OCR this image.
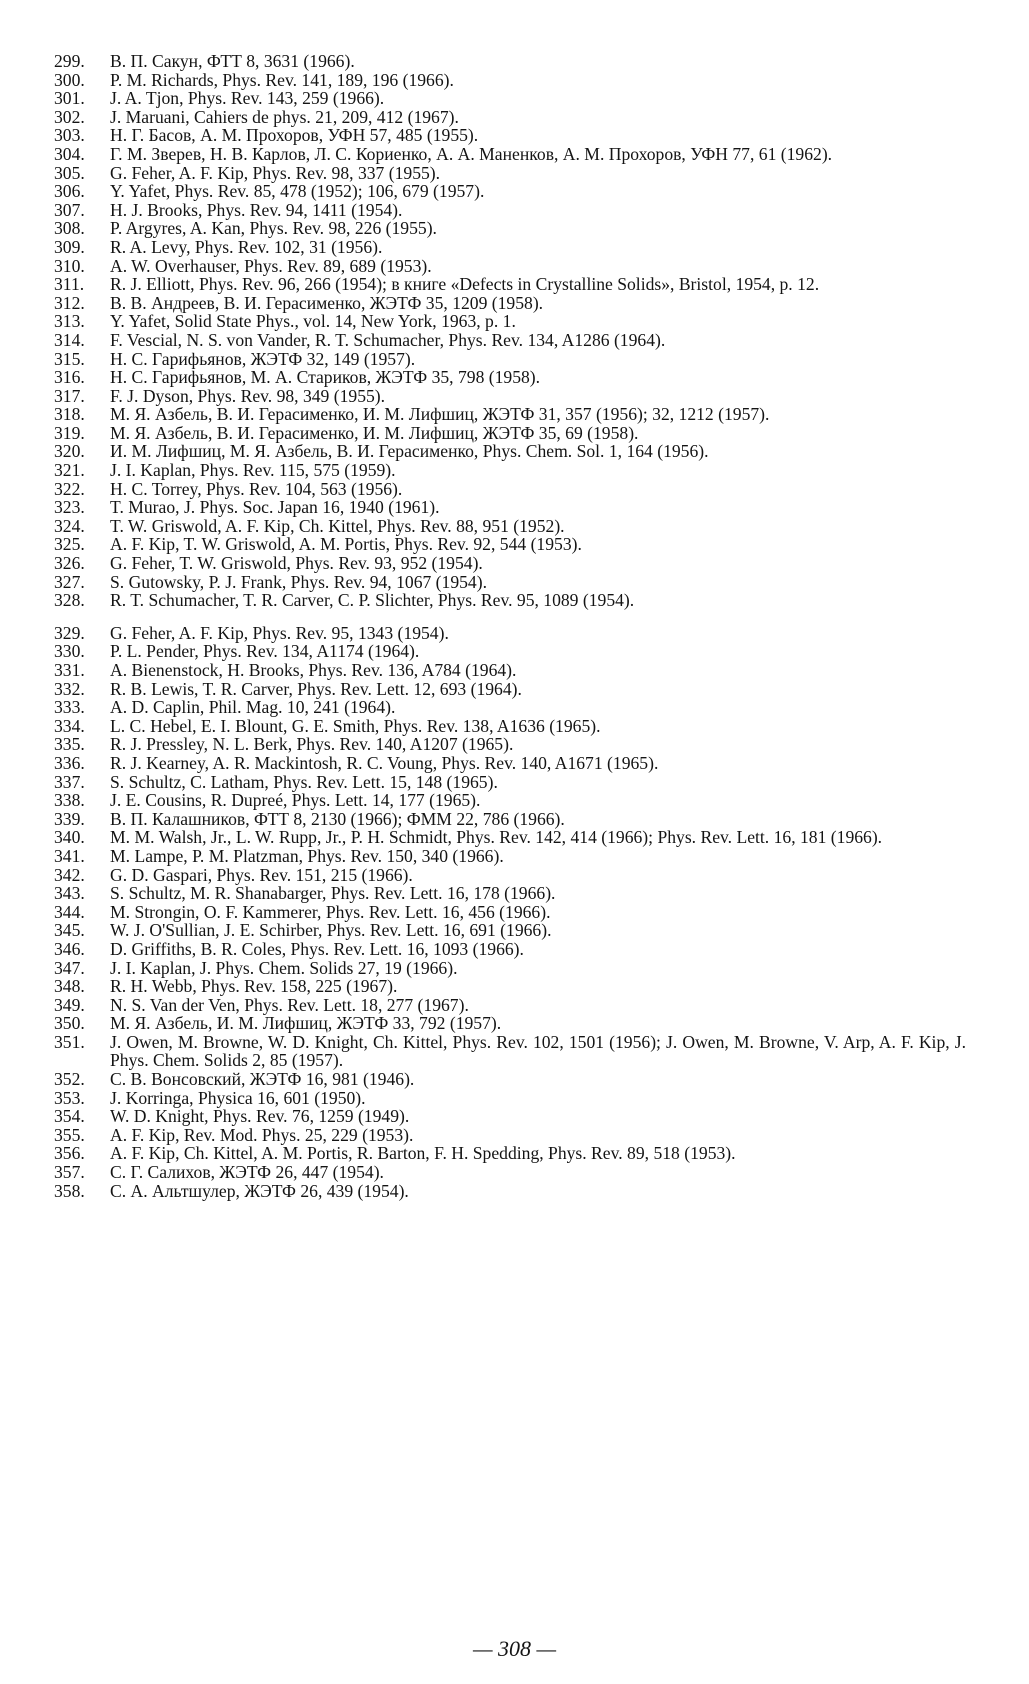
299.	В. П. Сакун, ФТТ 8, 3631 (1966).
300.	P. M. Richards, Phys. Rev. 141, 189, 196 (1966).
301.	J. A. Tjon, Phys. Rev. 143, 259 (1966).
302.	J. Maruani, Cahiers de phys. 21, 209, 412 (1967).
303.	Н. Г. Басов, А. М. Прохоров, УФН 57, 485 (1955).
304.	Г. М. Зверев, Н. В. Карлов, Л. С. Кориенко, А. А. Маненков, А. М. Прохоров, УФН 77, 61 (1962).
305.	G. Feher, A. F. Kip, Phys. Rev. 98, 337 (1955).
306.	Y. Yafet, Phys. Rev. 85, 478 (1952); 106, 679 (1957).
307.	H. J. Brooks, Phys. Rev. 94, 1411 (1954).
308.	P. Argyres, A. Kan, Phys. Rev. 98, 226 (1955).
309.	R. A. Levy, Phys. Rev. 102, 31 (1956).
310.	A. W. Overhauser, Phys. Rev. 89, 689 (1953).
311.	R. J. Elliott, Phys. Rev. 96, 266 (1954); в книге «Defects in Crystalline Solids», Bristol, 1954, p. 12.
312.	В. В. Андреев, В. И. Герасименко, ЖЭТФ 35, 1209 (1958).
313.	Y. Yafet, Solid State Phys., vol. 14, New York, 1963, p. 1.
314.	F. Vescial, N. S. von Vander, R. T. Schumacher, Phys. Rev. 134, A1286 (1964).
315.	Н. С. Гарифьянов, ЖЭТФ 32, 149 (1957).
316.	Н. С. Гарифьянов, М. А. Стариков, ЖЭТФ 35, 798 (1958).
317.	F. J. Dyson, Phys. Rev. 98, 349 (1955).
318.	М. Я. Азбель, В. И. Герасименко, И. М. Лифшиц, ЖЭТФ 31, 357 (1956); 32, 1212 (1957).
319.	М. Я. Азбель, В. И. Герасименко, И. М. Лифшиц, ЖЭТФ 35, 69 (1958).
320.	И. М. Лифшиц, М. Я. Азбель, В. И. Герасименко, Phys. Chem. Sol. 1, 164 (1956).
321.	J. I. Kaplan, Phys. Rev. 115, 575 (1959).
322.	H. C. Torrey, Phys. Rev. 104, 563 (1956).
323.	T. Murao, J. Phys. Soc. Japan 16, 1940 (1961).
324.	T. W. Griswold, A. F. Kip, Ch. Kittel, Phys. Rev. 88, 951 (1952).
325.	A. F. Kip, T. W. Griswold, A. M. Portis, Phys. Rev. 92, 544 (1953).
326.	G. Feher, T. W. Griswold, Phys. Rev. 93, 952 (1954).
327.	S. Gutowsky, P. J. Frank, Phys. Rev. 94, 1067 (1954).
328.	R. T. Schumacher, T. R. Carver, C. P. Slichter, Phys. Rev. 95, 1089 (1954).
329.	G. Feher, A. F. Kip, Phys. Rev. 95, 1343 (1954).
330.	P. L. Pender, Phys. Rev. 134, A1174 (1964).
331.	A. Bienenstock, H. Brooks, Phys. Rev. 136, A784 (1964).
332.	R. B. Lewis, T. R. Carver, Phys. Rev. Lett. 12, 693 (1964).
333.	A. D. Caplin, Phil. Mag. 10, 241 (1964).
334.	L. C. Hebel, E. I. Blount, G. E. Smith, Phys. Rev. 138, A1636 (1965).
335.	R. J. Pressley, N. L. Berk, Phys. Rev. 140, A1207 (1965).
336.	R. J. Kearney, A. R. Mackintosh, R. C. Voung, Phys. Rev. 140, A1671 (1965).
337.	S. Schultz, C. Latham, Phys. Rev. Lett. 15, 148 (1965).
338.	J. E. Cousins, R. Dupreé, Phys. Lett. 14, 177 (1965).
339.	В. П. Калашников, ФТТ 8, 2130 (1966); ФММ 22, 786 (1966).
340.	M. M. Walsh, Jr., L. W. Rupp, Jr., P. H. Schmidt, Phys. Rev. 142, 414 (1966); Phys. Rev. Lett. 16, 181 (1966).
341.	M. Lampe, P. M. Platzman, Phys. Rev. 150, 340 (1966).
342.	G. D. Gaspari, Phys. Rev. 151, 215 (1966).
343.	S. Schultz, M. R. Shanabarger, Phys. Rev. Lett. 16, 178 (1966).
344.	M. Strongin, O. F. Kammerer, Phys. Rev. Lett. 16, 456 (1966).
345.	W. J. O'Sullian, J. E. Schirber, Phys. Rev. Lett. 16, 691 (1966).
346.	D. Griffiths, B. R. Coles, Phys. Rev. Lett. 16, 1093 (1966).
347.	J. I. Kaplan, J. Phys. Chem. Solids 27, 19 (1966).
348.	R. H. Webb, Phys. Rev. 158, 225 (1967).
349.	N. S. Van der Ven, Phys. Rev. Lett. 18, 277 (1967).
350.	М. Я. Азбель, И. М. Лифшиц, ЖЭТФ 33, 792 (1957).
351.	J. Owen, M. Browne, W. D. Knight, Ch. Kittel, Phys. Rev. 102, 1501 (1956); J. Owen, M. Browne, V. Arp, A. F. Kip, J. Phys. Chem. Solids 2, 85 (1957).
352.	С. В. Вонсовский, ЖЭТФ 16, 981 (1946).
353.	J. Korringa, Physica 16, 601 (1950).
354.	W. D. Knight, Phys. Rev. 76, 1259 (1949).
355.	A. F. Kip, Rev. Mod. Phys. 25, 229 (1953).
356.	A. F. Kip, Ch. Kittel, A. M. Portis, R. Barton, F. H. Spedding, Phys. Rev. 89, 518 (1953).
357.	С. Г. Салихов, ЖЭТФ 26, 447 (1954).
358.	С. А. Альтшулер, ЖЭТФ 26, 439 (1954).
— 308 —
